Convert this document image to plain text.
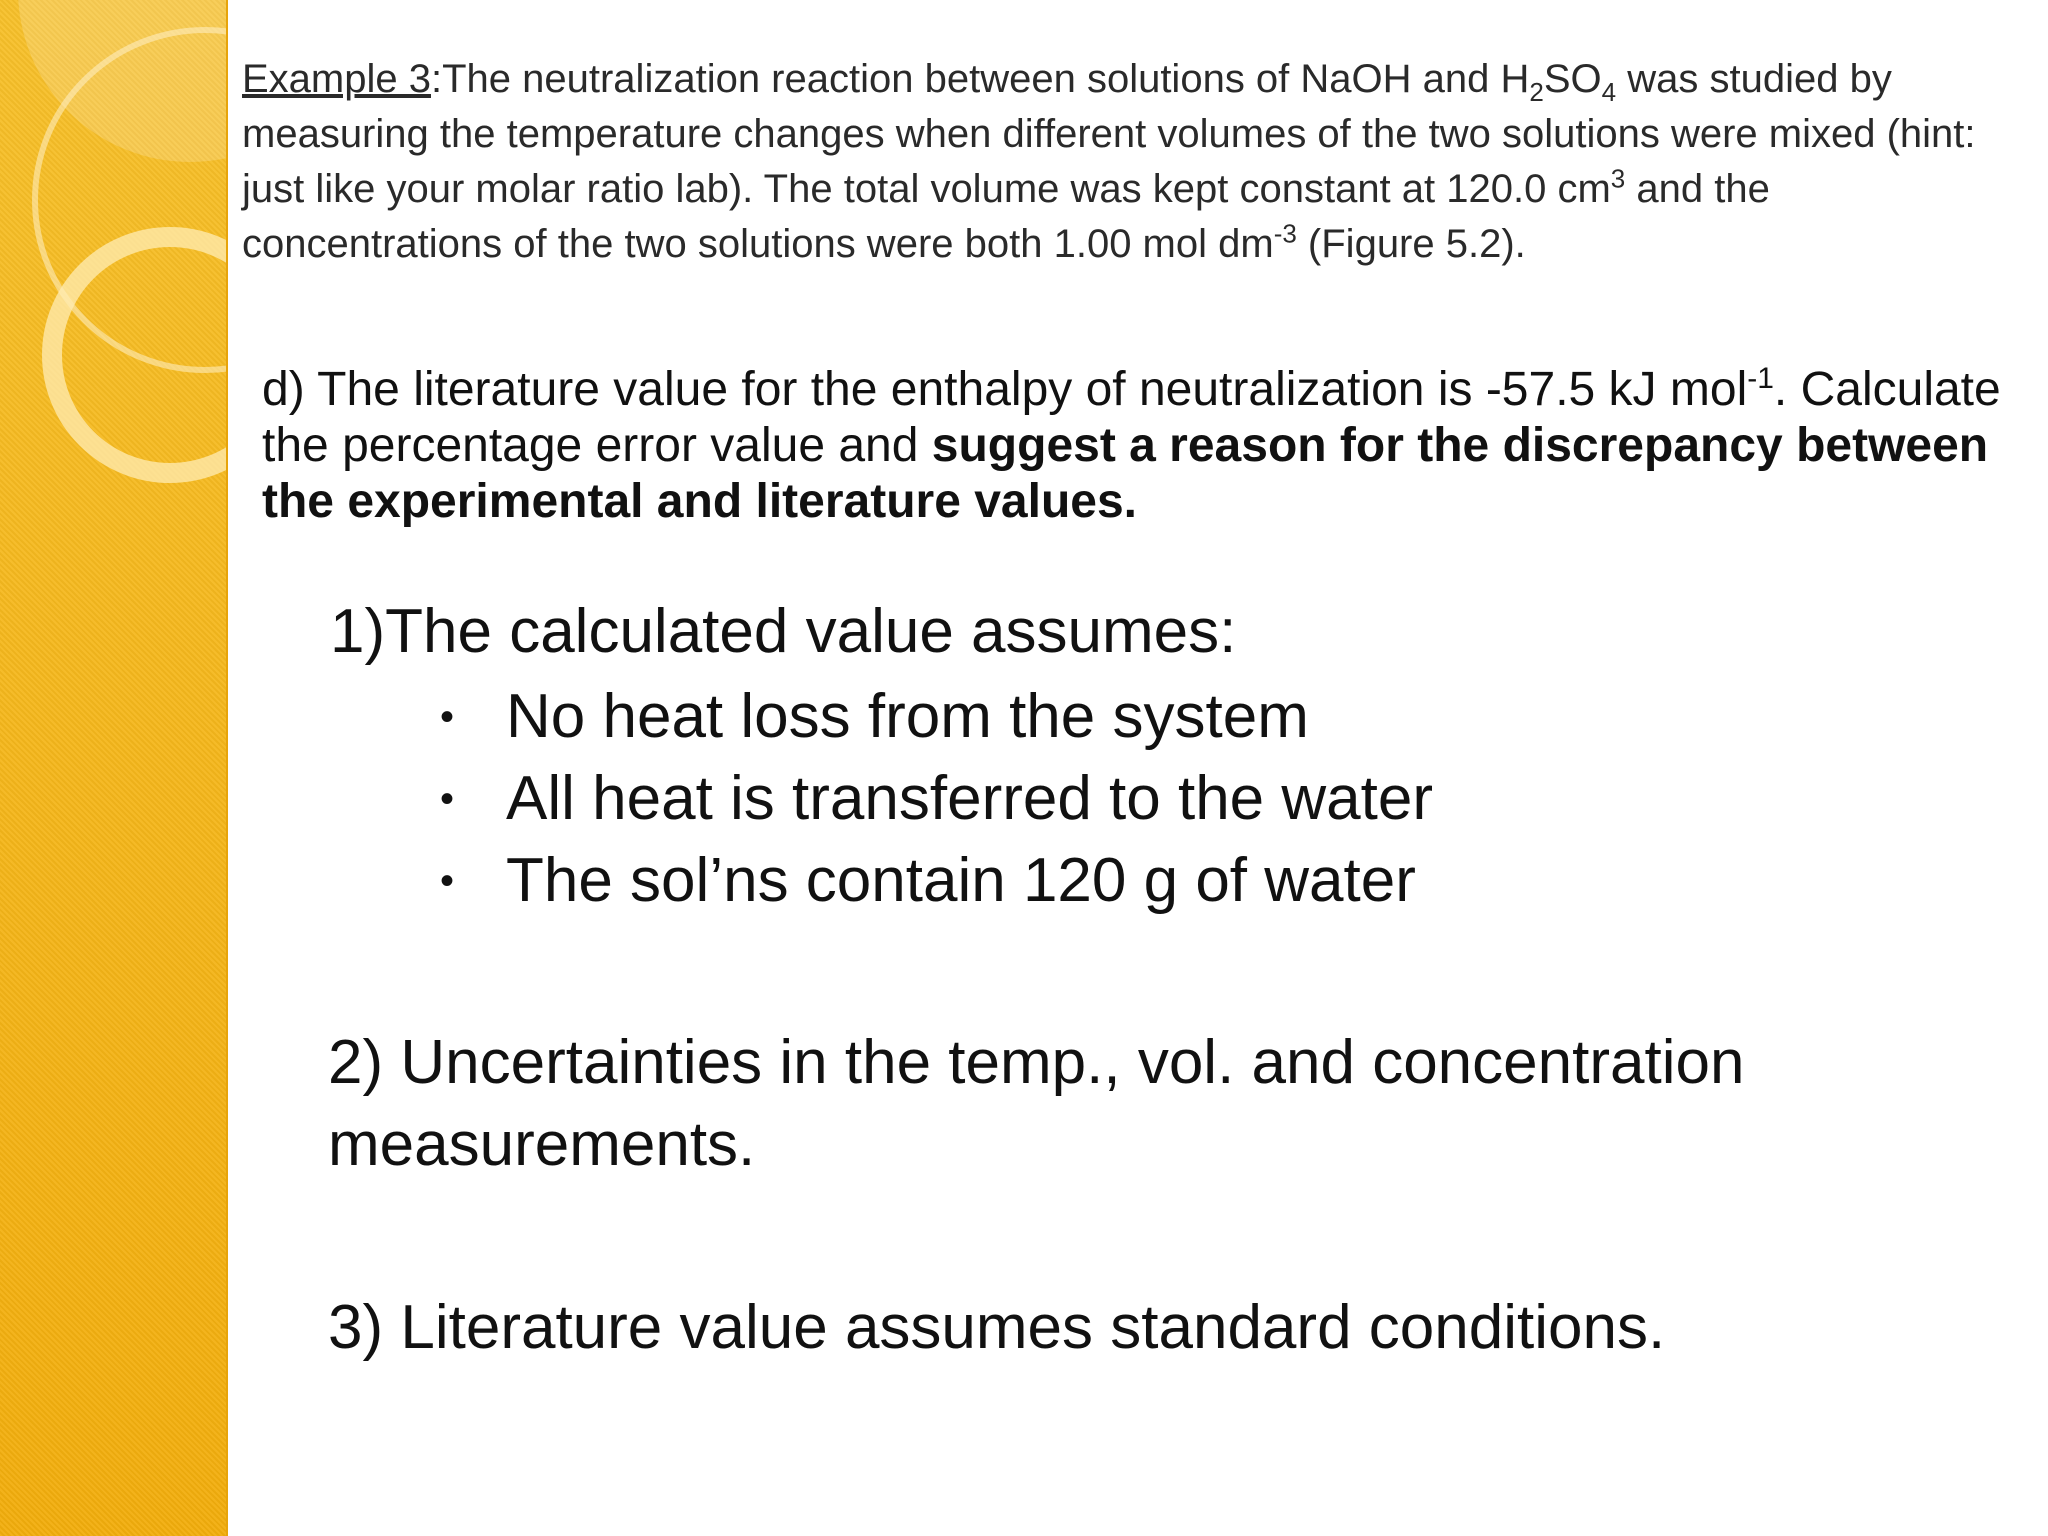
Example 3:The neutralization reaction between solutions of NaOH and $H_2SO_4$ was studied by measuring the temperature changes when different volumes of the two solutions were mixed (hint: just like your molar ratio lab). The total volume was kept constant at 120.0 $cm^3$ and the concentrations of the two solutions were both 1.00 mol $dm^{-3}$ (Figure 5.2).

d) The literature value for the enthalpy of neutralization is -57.5 kJ mol$^{-1}$. Calculate the percentage error value and suggest a reason for the discrepancy between the experimental and literature values.

1)The calculated value assumes:

• No heat loss from the system
• All heat is transferred to the water
• The sol’ns contain 120 g of water

2) Uncertainties in the temp., vol. and concentration measurements.

3) Literature value assumes standard conditions.
